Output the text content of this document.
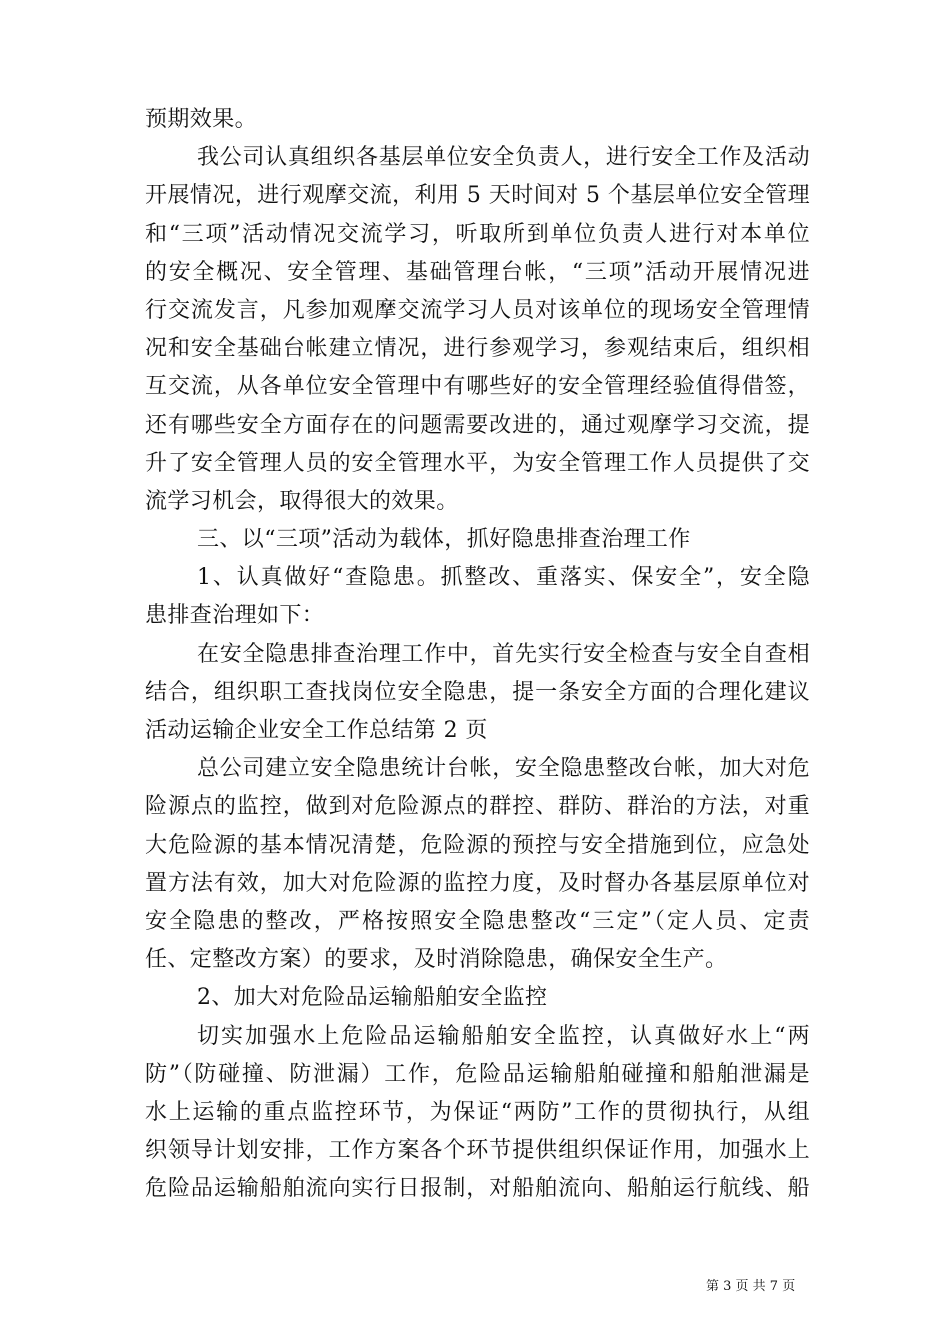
预期效果。
我公司认真组织各基层单位安全负责人，进行安全工作及活动
开展情况，进行观摩交流，利用 5 天时间对 5 个基层单位安全管理
和“三项”活动情况交流学习，听取所到单位负责人进行对本单位
的安全概况、安全管理、基础管理台帐，“三项”活动开展情况进
行交流发言，凡参加观摩交流学习人员对该单位的现场安全管理情
况和安全基础台帐建立情况，进行参观学习，参观结束后，组织相
互交流，从各单位安全管理中有哪些好的安全管理经验值得借签，
还有哪些安全方面存在的问题需要改进的，通过观摩学习交流，提
升了安全管理人员的安全管理水平，为安全管理工作人员提供了交
流学习机会，取得很大的效果。
三、以“三项”活动为载体，抓好隐患排查治理工作
1、认真做好“查隐患。抓整改、重落实、保安全”，安全隐
患排查治理如下：
在安全隐患排查治理工作中，首先实行安全检查与安全自查相
结合，组织职工查找岗位安全隐患，提一条安全方面的合理化建议
活动运输企业安全工作总结第 2 页
总公司建立安全隐患统计台帐，安全隐患整改台帐，加大对危
险源点的监控，做到对危险源点的群控、群防、群治的方法，对重
大危险源的基本情况清楚，危险源的预控与安全措施到位，应急处
置方法有效，加大对危险源的监控力度，及时督办各基层原单位对
安全隐患的整改，严格按照安全隐患整改“三定”（定人员、定责
任、定整改方案）的要求，及时消除隐患，确保安全生产。
2、加大对危险品运输船舶安全监控
切实加强水上危险品运输船舶安全监控，认真做好水上“两
防”（防碰撞、防泄漏）工作，危险品运输船舶碰撞和船舶泄漏是
水上运输的重点监控环节，为保证“两防”工作的贯彻执行，从组
织领导计划安排，工作方案各个环节提供组织保证作用，加强水上
危险品运输船舶流向实行日报制，对船舶流向、船舶运行航线、船
第 3 页 共 7 页
